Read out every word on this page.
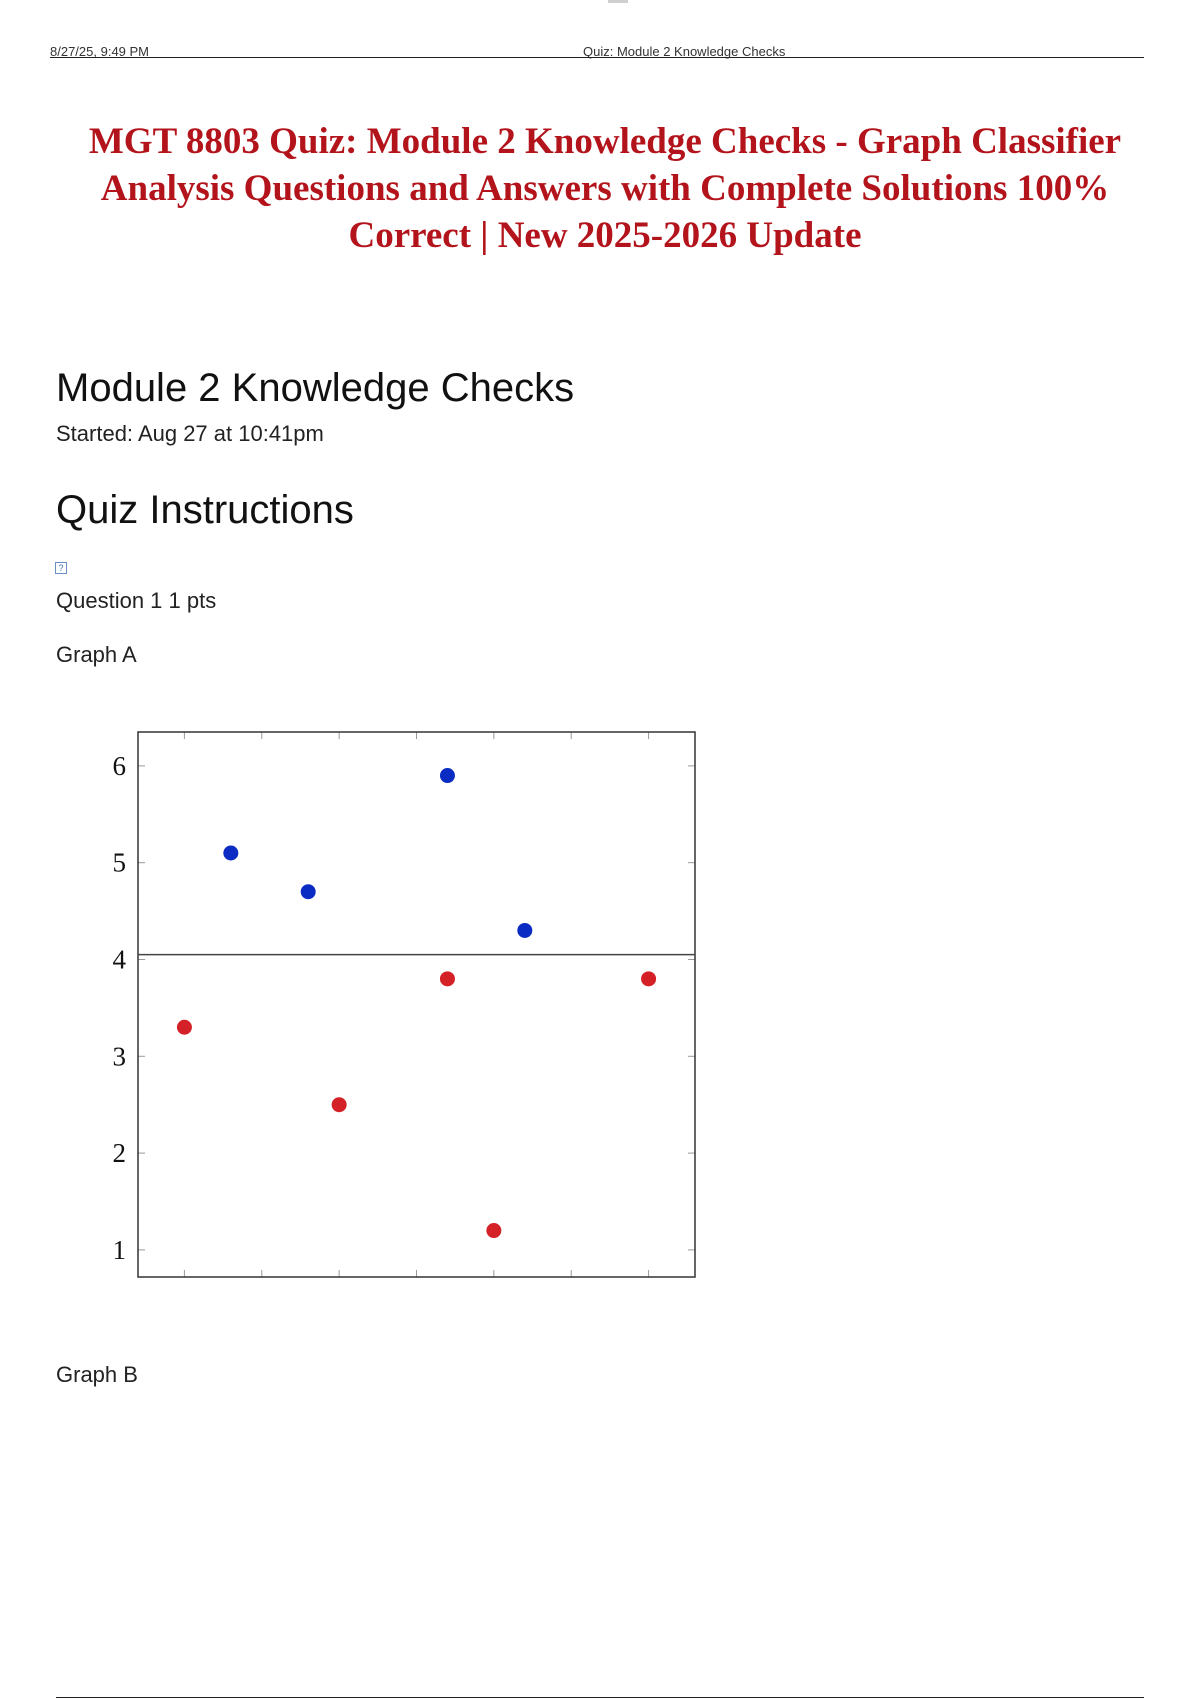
8/27/25, 9:49 PM	Quiz: Module 2 Knowledge Checks
MGT 8803 Quiz: Module 2 Knowledge Checks - Graph Classifier Analysis Questions and Answers with Complete Solutions 100% Correct | New 2025-2026 Update
Module 2 Knowledge Checks
Started: Aug 27 at 10:41pm
Quiz Instructions
?
Question 1 1 pts
Graph A
1
2
3
4
5
6
Graph B
